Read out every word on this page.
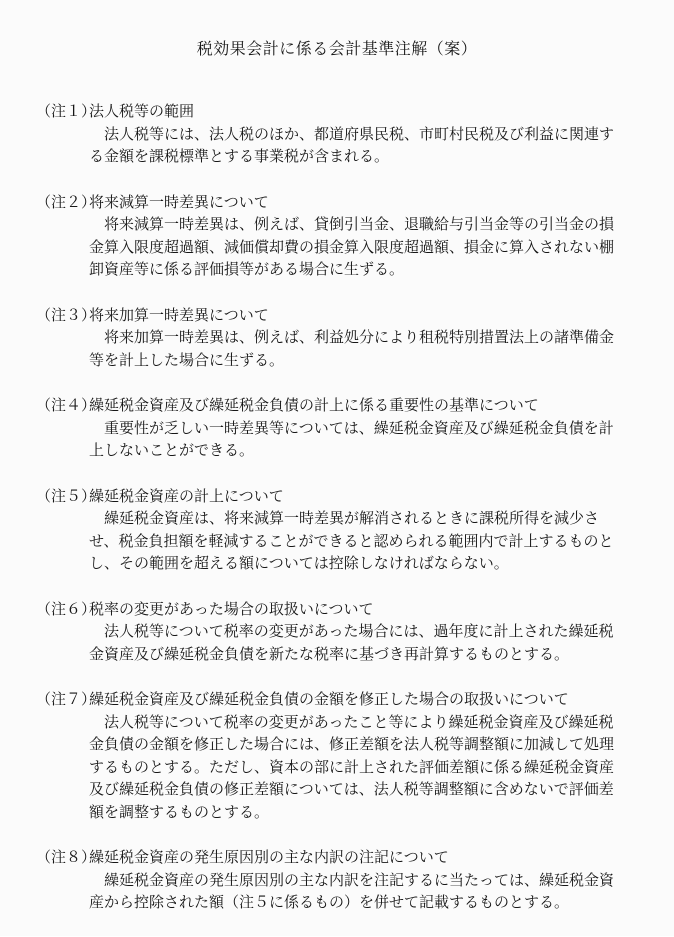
税効果会計に係る会計基準注解（案）
（注１）
法人税等の範囲
法人税等には、法人税のほか、都道府県民税、市町村民税及び利益に関連す
る金額を課税標準とする事業税が含まれる。
（注２）
将来減算一時差異について
将来減算一時差異は、例えば、貸倒引当金、退職給与引当金等の引当金の損
金算入限度超過額、減価償却費の損金算入限度超過額、損金に算入されない棚
卸資産等に係る評価損等がある場合に生ずる。
（注３）
将来加算一時差異について
将来加算一時差異は、例えば、利益処分により租税特別措置法上の諸準備金
等を計上した場合に生ずる。
（注４）
繰延税金資産及び繰延税金負債の計上に係る重要性の基準について
重要性が乏しい一時差異等については、繰延税金資産及び繰延税金負債を計
上しないことができる。
（注５）
繰延税金資産の計上について
繰延税金資産は、将来減算一時差異が解消されるときに課税所得を減少さ
せ、税金負担額を軽減することができると認められる範囲内で計上するものと
し、その範囲を超える額については控除しなければならない。
（注６）
税率の変更があった場合の取扱いについて
法人税等について税率の変更があった場合には、過年度に計上された繰延税
金資産及び繰延税金負債を新たな税率に基づき再計算するものとする。
（注７）
繰延税金資産及び繰延税金負債の金額を修正した場合の取扱いについて
法人税等について税率の変更があったこと等により繰延税金資産及び繰延税
金負債の金額を修正した場合には、修正差額を法人税等調整額に加減して処理
するものとする。ただし、資本の部に計上された評価差額に係る繰延税金資産
及び繰延税金負債の修正差額については、法人税等調整額に含めないで評価差
額を調整するものとする。
（注８）
繰延税金資産の発生原因別の主な内訳の注記について
繰延税金資産の発生原因別の主な内訳を注記するに当たっては、繰延税金資
産から控除された額（注５に係るもの）を併せて記載するものとする。
